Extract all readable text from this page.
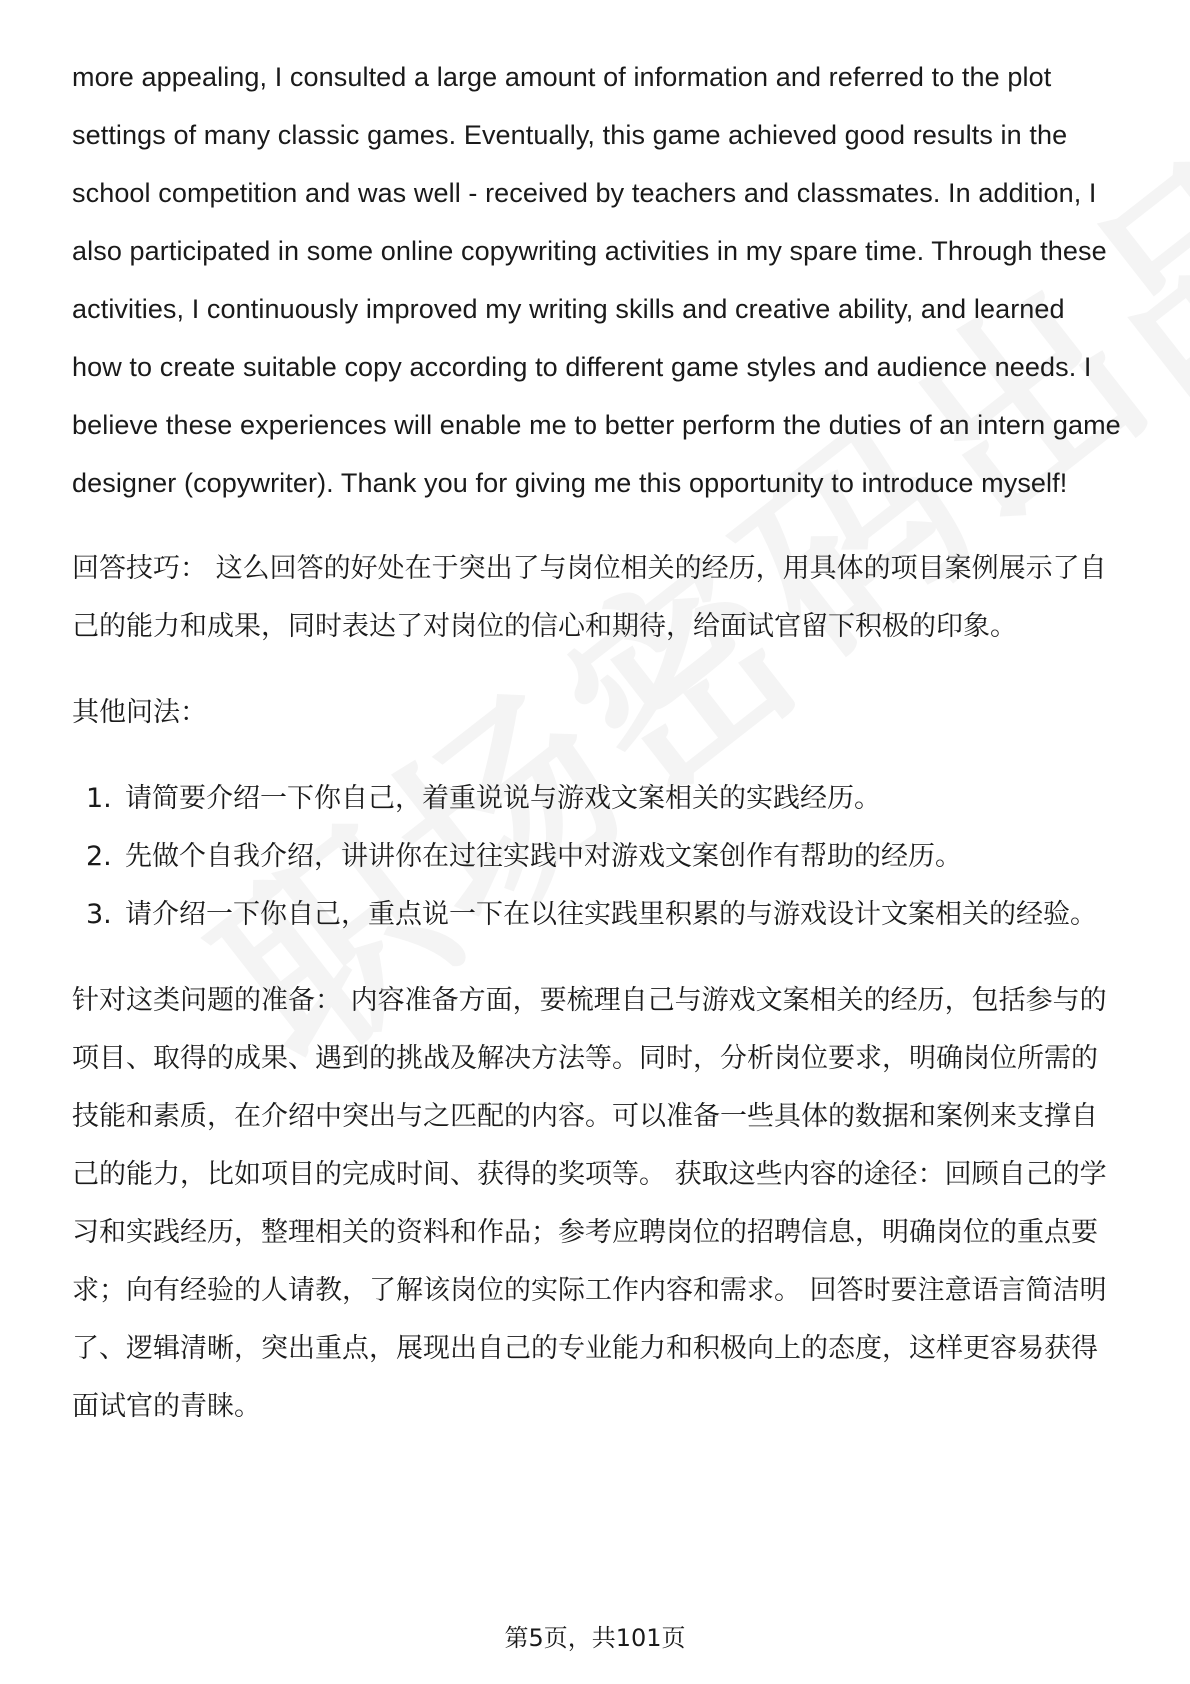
more appealing, I consulted a large amount of information and referred to the plot settings of many classic games. Eventually, this game achieved good results in the school competition and was well - received by teachers and classmates. In addition, I also participated in some online copywriting activities in my spare time. Through these activities, I continuously improved my writing skills and creative ability, and learned how to create suitable copy according to different game styles and audience needs. I believe these experiences will enable me to better perform the duties of an intern game designer (copywriter). Thank you for giving me this opportunity to introduce myself!

回答技巧： 这么回答的好处在于突出了与岗位相关的经历，用具体的项目案例展示了自己的能力和成果，同时表达了对岗位的信心和期待，给面试官留下积极的印象。

其他问法：

1. 请简要介绍一下你自己，着重说说与游戏文案相关的实践经历。
2. 先做个自我介绍，讲讲你在过往实践中对游戏文案创作有帮助的经历。
3. 请介绍一下你自己，重点说一下在以往实践里积累的与游戏设计文案相关的经验。

针对这类问题的准备： 内容准备方面，要梳理自己与游戏文案相关的经历，包括参与的项目、取得的成果、遇到的挑战及解决方法等。同时，分析岗位要求，明确岗位所需的技能和素质，在介绍中突出与之匹配的内容。可以准备一些具体的数据和案例来支撑自己的能力，比如项目的完成时间、获得的奖项等。 获取这些内容的途径：回顾自己的学习和实践经历，整理相关的资料和作品；参考应聘岗位的招聘信息，明确岗位的重点要求；向有经验的人请教，了解该岗位的实际工作内容和需求。 回答时要注意语言简洁明了、逻辑清晰，突出重点，展现出自己的专业能力和积极向上的态度，这样更容易获得面试官的青睐。

第5页，共101页
